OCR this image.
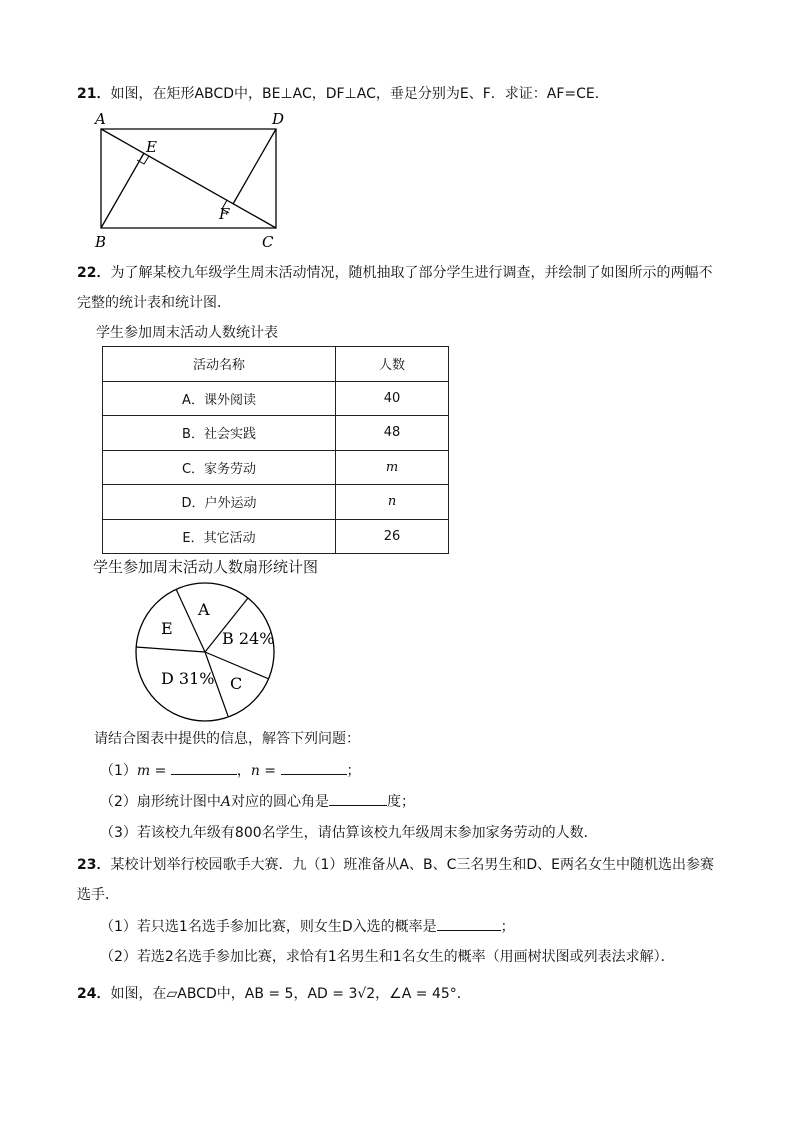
21．如图，在矩形ABCD中，BE⊥AC，DF⊥AC，垂足分别为E、F．求证：AF=CE．
A	D
E
F
B	C
22．为了解某校九年级学生周末活动情况，随机抽取了部分学生进行调查，并绘制了如图所示的两幅不
完整的统计表和统计图．
学生参加周末活动人数统计表
活动名称	人数
A．课外阅读	40
B．社会实践	48
C．家务劳动	m
D．户外运动	n
E．其它活动	26
学生参加周末活动人数扇形统计图
A
E
B 24%
D 31% C
请结合图表中提供的信息，解答下列问题：
（1）m =	，n =	；
（2）扇形统计图中A对应的圆心角是	度；
（3）若该校九年级有800名学生，请估算该校九年级周末参加家务劳动的人数．
23．某校计划举行校园歌手大赛．九（1）班准备从A、B、C三名男生和D、E两名女生中随机选出参赛
选手．
（1）若只选1名选手参加比赛，则女生D入选的概率是	；
（2）若选2名选手参加比赛，求恰有1名男生和1名女生的概率（用画树状图或列表法求解）．
24．如图，在▱ABCD中，AB = 5，AD = 3√2，∠A = 45°．
